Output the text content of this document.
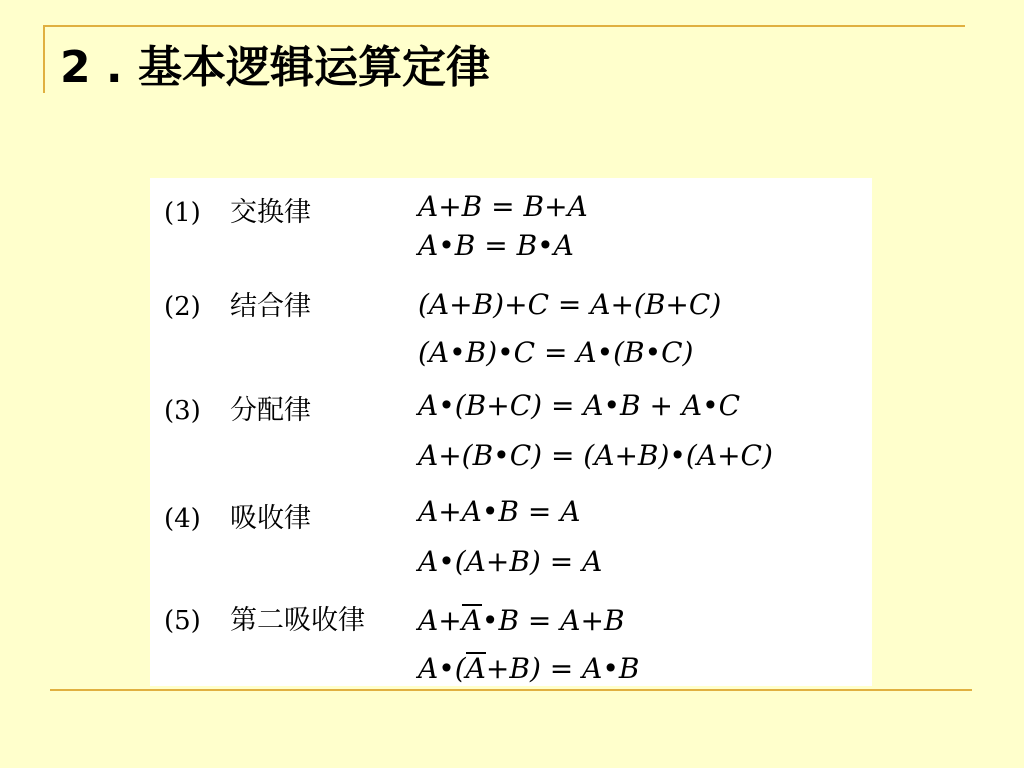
2 . 基本逻辑运算定律
(1) 交换律	A+B = B+A
A•B = B•A
(2) 结合律	(A+B)+C = A+(B+C)
(A•B)•C = A•(B•C)
(3) 分配律	A•(B+C) = A•B + A•C
A+(B•C) = (A+B)•(A+C)
(4) 吸收律	A+A•B = A
A•(A+B) = A
(5) 第二吸收律 A+A•B = A+B
A•(A+B) = A•B
